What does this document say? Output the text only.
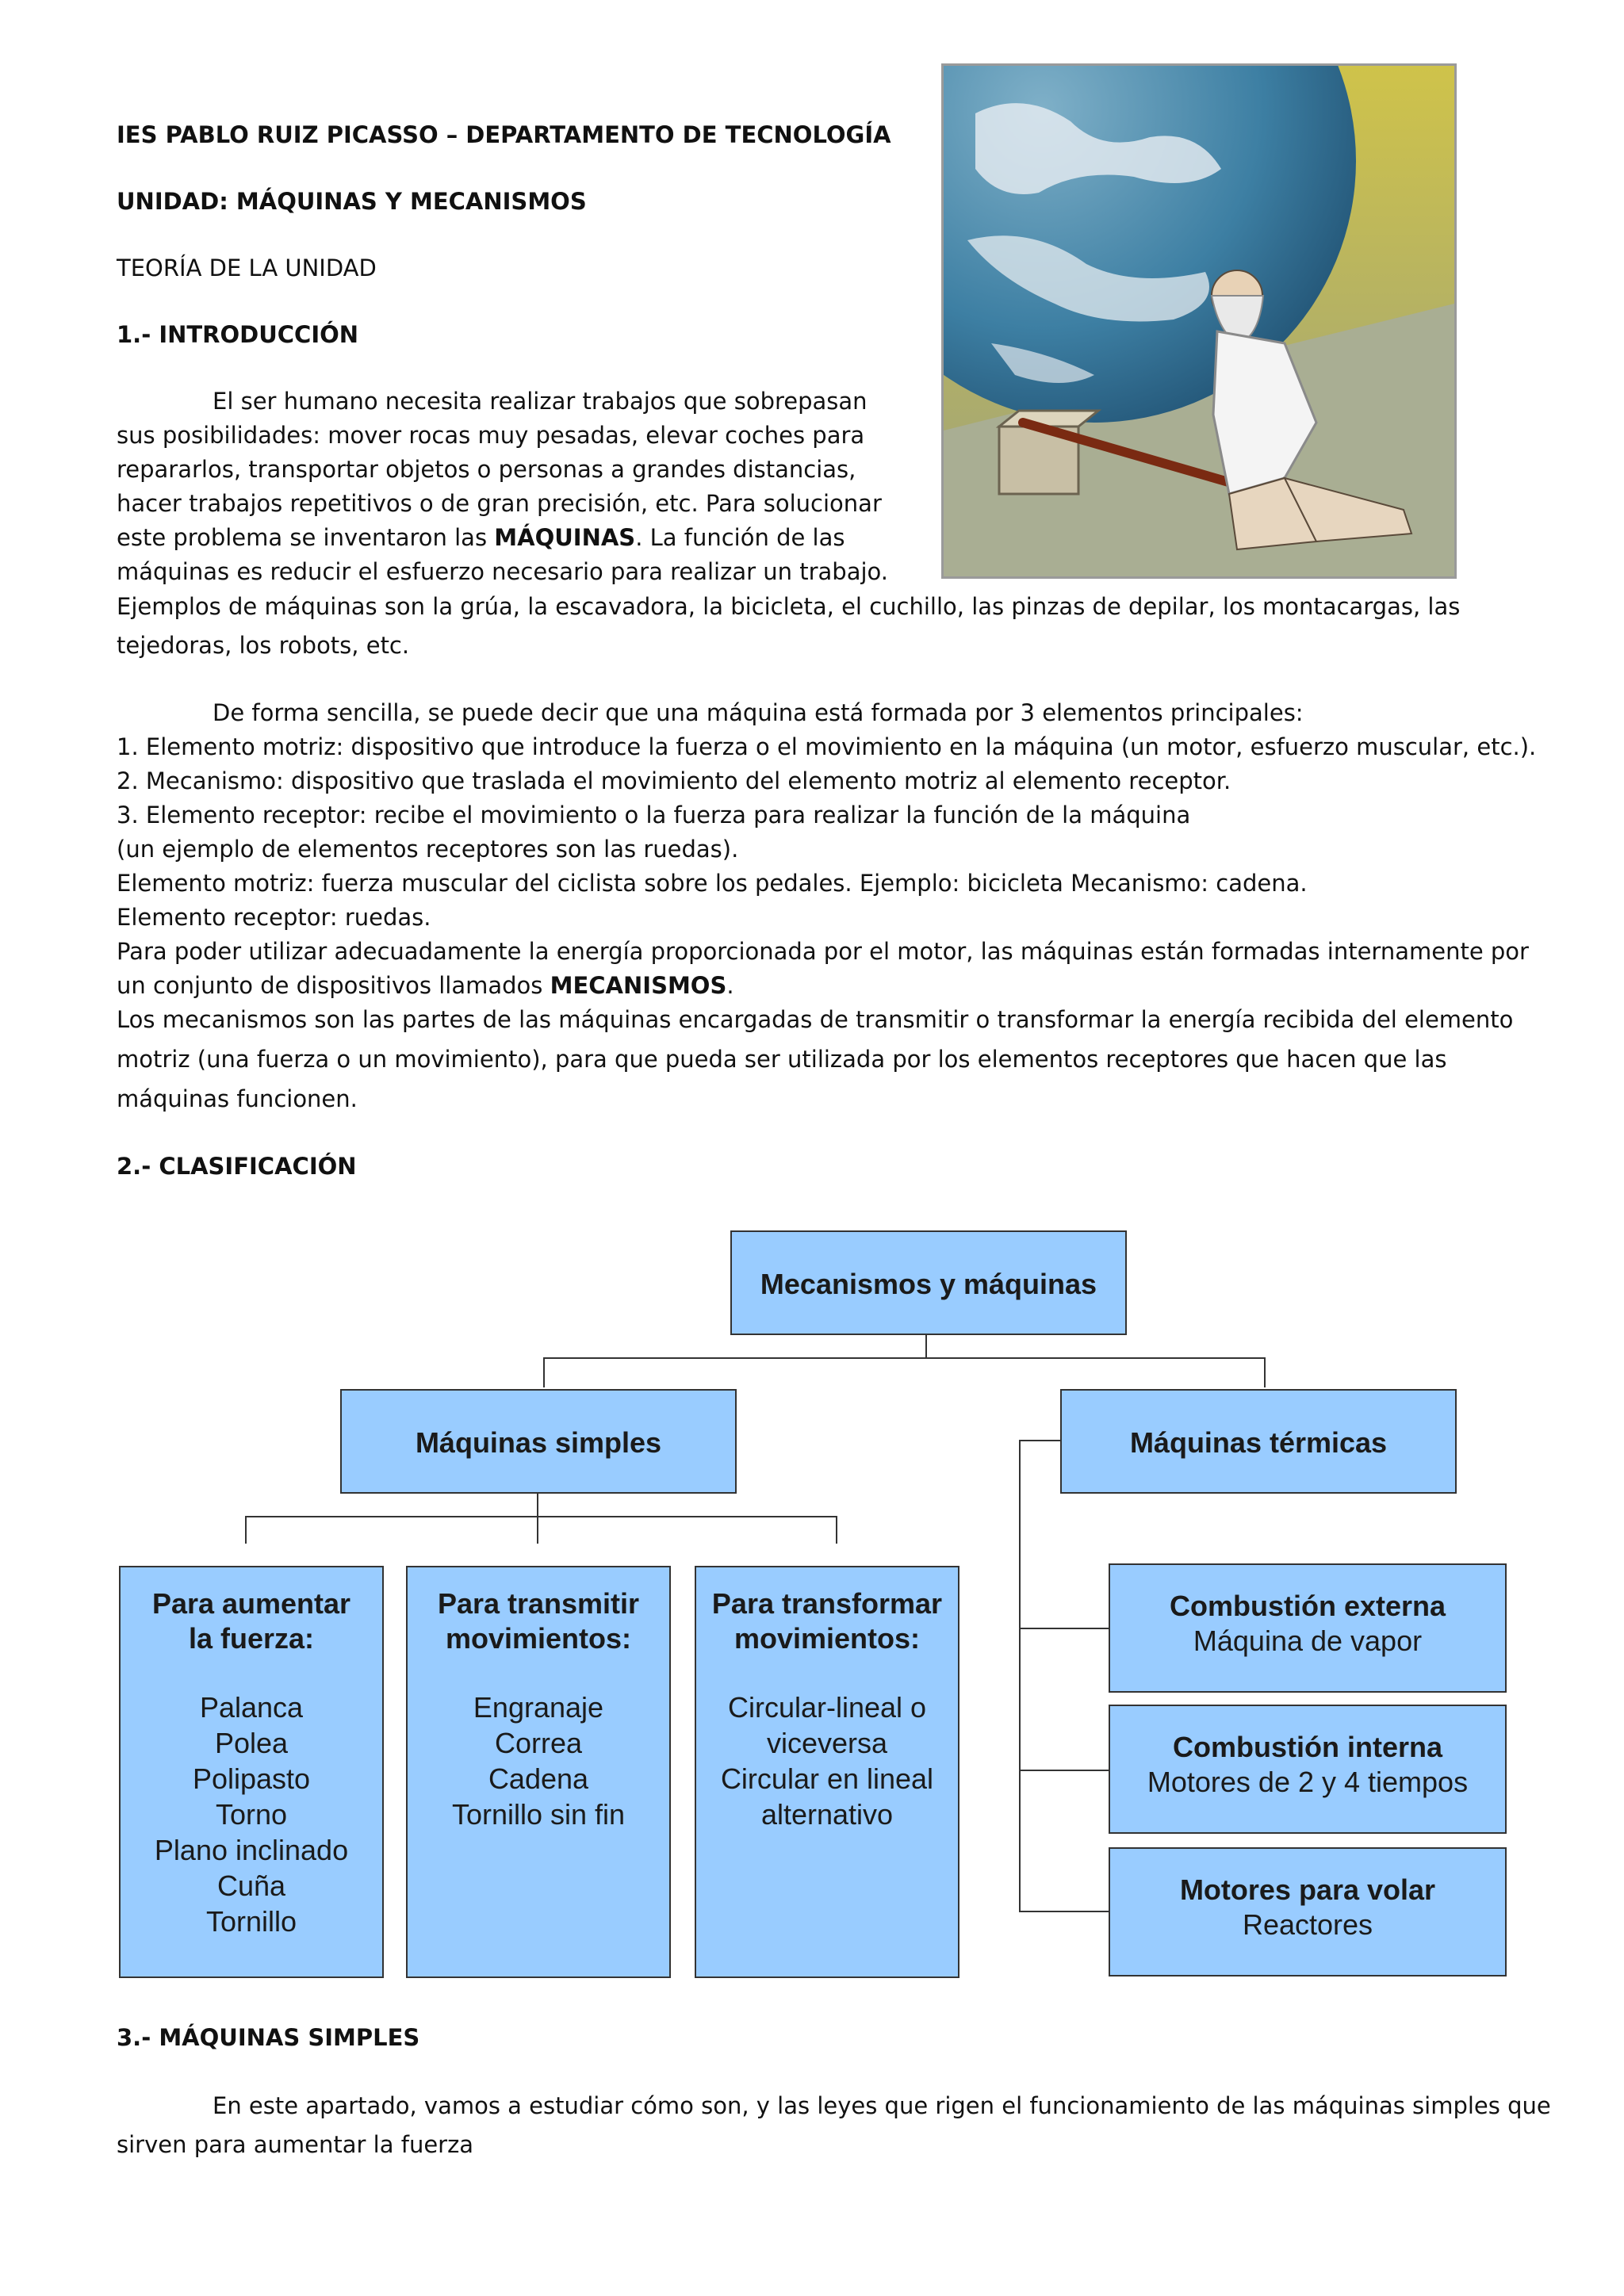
IES PABLO RUIZ PICASSO – DEPARTAMENTO DE TECNOLOGÍA
UNIDAD: MÁQUINAS Y MECANISMOS
TEORÍA DE LA UNIDAD
1.- INTRODUCCIÓN
El ser humano necesita realizar trabajos que sobrepasan
sus posibilidades: mover rocas muy pesadas, elevar coches para
repararlos, transportar objetos o personas a grandes distancias,
hacer trabajos repetitivos o de gran precisión, etc. Para solucionar
este problema se inventaron las MÁQUINAS. La función de las
máquinas es reducir el esfuerzo necesario para realizar un trabajo.
Ejemplos de máquinas son la grúa, la escavadora, la bicicleta, el cuchillo, las pinzas de depilar, los montacargas, las
tejedoras, los robots, etc.
De forma sencilla, se puede decir que una máquina está formada por 3 elementos principales:
1. Elemento motriz: dispositivo que introduce la fuerza o el movimiento en la máquina (un motor, esfuerzo muscular, etc.).
2. Mecanismo: dispositivo que traslada el movimiento del elemento motriz al elemento receptor.
3. Elemento receptor: recibe el movimiento o la fuerza para realizar la función de la máquina
(un ejemplo de elementos receptores son las ruedas).
Elemento motriz: fuerza muscular del ciclista sobre los pedales. Ejemplo: bicicleta Mecanismo: cadena.
Elemento receptor: ruedas.
Para poder utilizar adecuadamente la energía proporcionada por el motor, las máquinas están formadas internamente por
un conjunto de dispositivos llamados MECANISMOS.
Los mecanismos son las partes de las máquinas encargadas de transmitir o transformar la energía recibida del elemento
motriz (una fuerza o un movimiento), para que pueda ser utilizada por los elementos receptores que hacen que las
máquinas funcionen.
2.- CLASIFICACIÓN
Mecanismos y máquinas
Máquinas simples	Máquinas térmicas
Para aumentar
la fuerza:
Palanca
Polea
Polipasto
Torno
Plano inclinado
Cuña
Tornillo
Para transmitir
movimientos:
Engranaje
Correa
Cadena
Tornillo sin fin
Para transformar
movimientos:
Circular-lineal o
viceversa
Circular en lineal
alternativo
Combustión externa
Máquina de vapor
Combustión interna
Motores de 2 y 4 tiempos
Motores para volar
Reactores
3.- MÁQUINAS SIMPLES
En este apartado, vamos a estudiar cómo son, y las leyes que rigen el funcionamiento de las máquinas simples que
sirven para aumentar la fuerza
